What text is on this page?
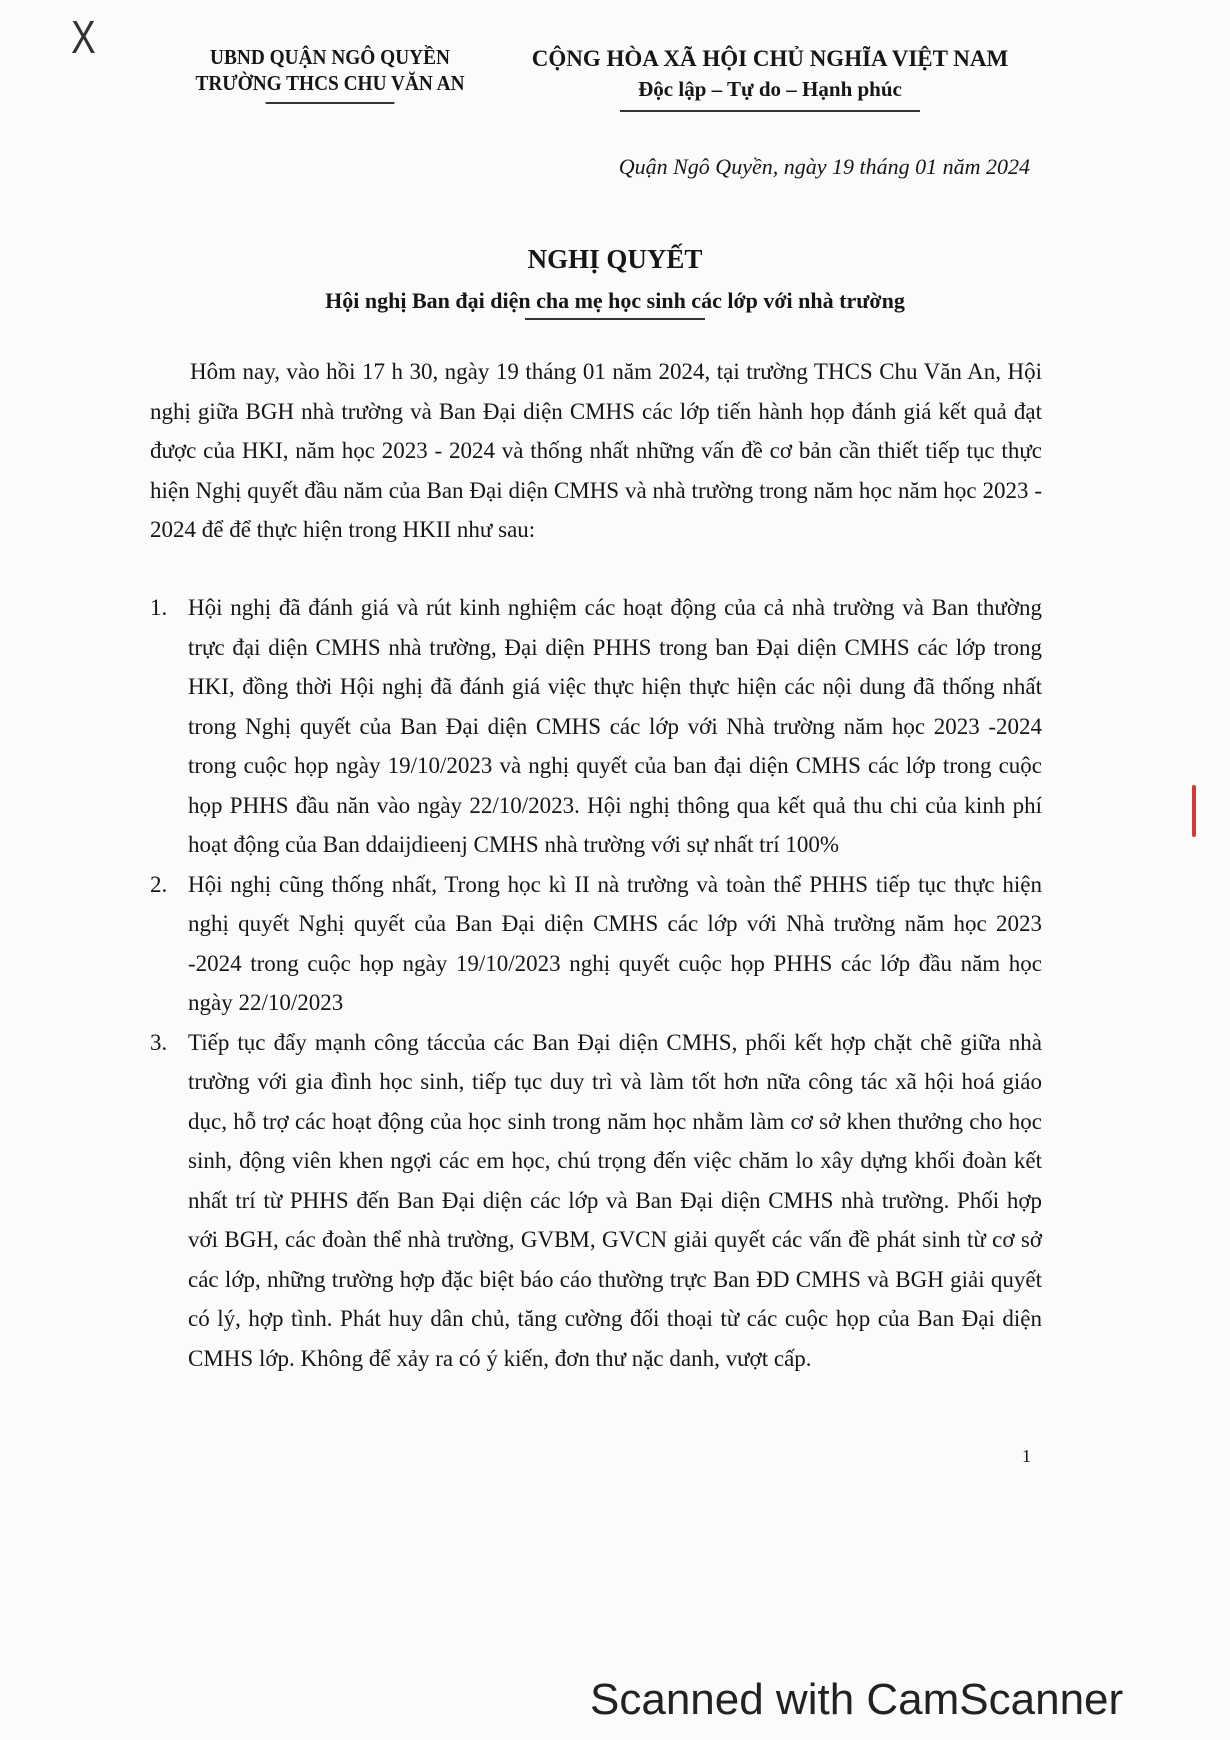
X	UBND QUẬN NGÔ QUYỀN
TRƯỜNG THCS CHU VĂN AN
CỘNG HÒA XÃ HỘI CHỦ NGHĨA VIỆT NAM
Độc lập – Tự do – Hạnh phúc
Quận Ngô Quyền, ngày 19 tháng 01 năm 2024
NGHỊ QUYẾT
Hội nghị Ban đại diện cha mẹ học sinh các lớp với nhà trường
Hôm nay, vào hồi 17 h 30, ngày 19 tháng 01 năm 2024, tại trường THCS Chu Văn An, Hội nghị giữa BGH nhà trường và Ban Đại diện CMHS các lớp tiến hành họp đánh giá kết quả đạt được của HKI, năm học 2023 - 2024 và thống nhất những vấn đề cơ bản cần thiết tiếp tục thực hiện Nghị quyết đầu năm của Ban Đại diện CMHS và nhà trường trong năm học năm học 2023 - 2024 để để thực hiện trong HKII như sau:
1. Hội nghị đã đánh giá và rút kinh nghiệm các hoạt động của cả nhà trường và Ban thường trực đại diện CMHS nhà trường, Đại diện PHHS trong ban Đại diện CMHS các lớp trong HKI, đồng thời Hội nghị đã đánh giá việc thực hiện thực hiện các nội dung đã thống nhất trong Nghị quyết của Ban Đại diện CMHS các lớp với Nhà trường năm học 2023 -2024 trong cuộc họp ngày 19/10/2023 và nghị quyết của ban đại diện CMHS các lớp trong cuộc họp PHHS đầu năn vào ngày 22/10/2023. Hội nghị thông qua kết quả thu chi của kinh phí hoạt động của Ban ddaijdieenj CMHS nhà trường với sự nhất trí 100%
2. Hội nghị cũng thống nhất, Trong học kì II nà trường và toàn thể PHHS tiếp tục thực hiện nghị quyết Nghị quyết của Ban Đại diện CMHS các lớp với Nhà trường năm học 2023 -2024 trong cuộc họp ngày 19/10/2023 nghị quyết cuộc họp PHHS các lớp đầu năm học ngày 22/10/2023
3. Tiếp tục đẩy mạnh công táccủa các Ban Đại diện CMHS, phối kết hợp chặt chẽ giữa nhà trường với gia đình học sinh, tiếp tục duy trì và làm tốt hơn nữa công tác xã hội hoá giáo dục, hỗ trợ các hoạt động của học sinh trong năm học nhằm làm cơ sở khen thưởng cho học sinh, động viên khen ngợi các em học, chú trọng đến việc chăm lo xây dựng khối đoàn kết nhất trí từ PHHS đến Ban Đại diện các lớp và Ban Đại diện CMHS nhà trường. Phối hợp với BGH, các đoàn thể nhà trường, GVBM, GVCN giải quyết các vấn đề phát sinh từ cơ sở các lớp, những trường hợp đặc biệt báo cáo thường trực Ban ĐD CMHS và BGH giải quyết có lý, hợp tình. Phát huy dân chủ, tăng cường đối thoại từ các cuộc họp của Ban Đại diện CMHS lớp. Không để xảy ra có ý kiến, đơn thư nặc danh, vượt cấp.
1
Scanned with CamScanner
